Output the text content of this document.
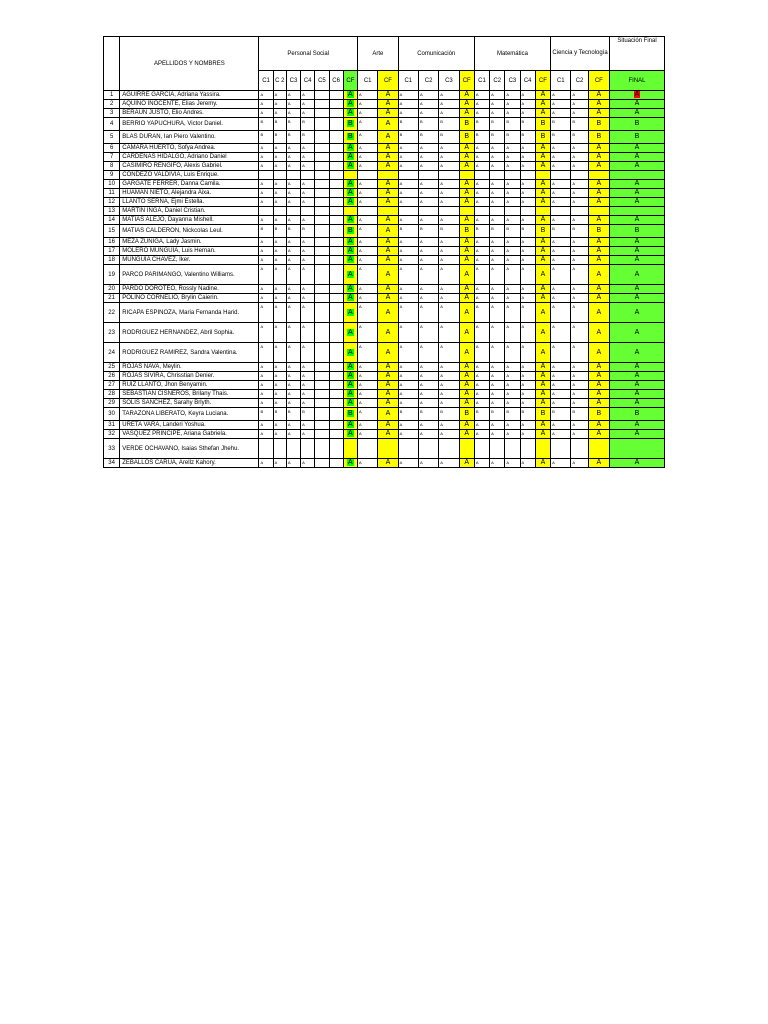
	APELLIDOS Y NOMBRES	Personal Social							Arte		Comunicación				Matemática					Ciencia y Tecnología			Situación Final
		C1	C 2	C3	C4	C5	C6	CF	C1	CF	C1	C2	C3	CF	C1	C2	C3	C4	CF	C1	C2	CF	FINAL
1	AGUIRRE GARCIA, Adriana Yassira.	A	A	A	A			A	A	A	A	A	A	A	A	A	A	A	A	A	A	A	A
2	AQUINO INOCENTE, Elias Jeremy.	A	A	A	A			A	A	A	A	A	A	A	A	A	A	A	A	A	A	A	A
3	BERAUN JUSTO, Elio Andres.	A	A	A	A			A	A	A	A	A	A	A	A	A	A	A	A	A	A	A	A
4	BERRIO YAPUCHURA, Victor Daniel.	B	B	B	B			B	A	A	B	B	B	B	B	B	B	B	B	B	B	B	B
5	BLAS DURAN, Ian Piero Valentino.	B	B	B	B			B	A	A	B	B	B	B	B	B	B	B	B	B	B	B	B
6	CAMARA HUERTO, Sofya Andrea.	A	A	A	A			A	A	A	A	A	A	A	A	A	A	A	A	A	A	A	A
7	CARDENAS HIDALGO, Adriano Daniel	A	A	A	A			A	A	A	A	A	A	A	A	A	A	A	A	A	A	A	A
8	CASIMIRO RENGIFO, Alexis Gabriel.	A	A	A	A			A	A	A	A	A	A	A	A	A	A	A	A	A	A	A	A
9	CONDEZO VALDIVIA, Luis Enrique.																						
10	GARGATE FERRER, Danna Camila.	A	A	A	A			A	A	A	A	A	A	A	A	A	A	A	A	A	A	A	A
11	HUAMAN NIETO, Alejandra Aixa.	A	A	A	A			A	A	A	A	A	A	A	A	A	A	A	A	A	A	A	A
12	LLANTO SERNA, Ejmi Estella.	A	A	A	A			A	A	A	A	A	A	A	A	A	A	A	A	A	A	A	A
13	MARTIN INGA, Daniel Cristian.																						
14	MATIAS ALEJO, Dayanna Mishell.	A	A	A	A			A	A	A	A	A	A	A	A	A	A	A	A	A	A	A	A
15	MATIAS CALDERON, Nickcolas Leul.	B	B	B	B			B	A	A	B	B	B	B	B	B	B	B	B	B	B	B	B
16	MEZA ZUÑIGA, Lady Jasmin.	A	A	A	A			A	A	A	A	A	A	A	A	A	A	A	A	A	A	A	A
17	MOLERO MUNGUIA, Luis Hernan.	A	A	A	A			A	A	A	A	A	A	A	A	A	A	A	A	A	A	A	A
18	MUNGUIA CHAVEZ, Iker.	A	A	A	A			A	A	A	A	A	A	A	A	A	A	A	A	A	A	A	A
19	PARCO PARIMANGO, Valentino Williams.	A	A	A	A			A	A	A	A	A	A	A	A	A	A	A	A	A	A	A	A
20	PARDO DOROTEO, Rossly Nadine.	A	A	A	A			A	A	A	A	A	A	A	A	A	A	A	A	A	A	A	A
21	POLINO CORNELIO, Brylin Caierin.	A	A	A	A			A	A	A	A	A	A	A	A	A	A	A	A	A	A	A	A
22	RICAPA ESPINOZA, Maria Fernanda Harid.	A	A	A	A			A	A	A	A	A	A	A	A	A	A	A	A	A	A	A	A
23	RODRIGUEZ HERNANDEZ, Abril Sophia.	A	A	A	A			A	A	A	A	A	A	A	A	A	A	A	A	A	A	A	A
24	RODRIGUEZ RAMIREZ, Sandra Valentina.	A	A	A	A			A	A	A	A	A	A	A	A	A	A	A	A	A	A	A	A
25	ROJAS NAVA, Meylin.	A	A	A	A			A	A	A	A	A	A	A	A	A	A	A	A	A	A	A	A
26	ROJAS SIVIRA, Chrisstian Denier.	A	A	A	A			A	A	A	A	A	A	A	A	A	A	A	A	A	A	A	A
27	RUIZ LLANTO, Jhon Benyamin.	A	A	A	A			A	A	A	A	A	A	A	A	A	A	A	A	A	A	A	A
28	SEBASTIAN CISNEROS, Brilany Thais.	A	A	A	A			A	A	A	A	A	A	A	A	A	A	A	A	A	A	A	A
29	SOLIS SANCHEZ, Sarahy Brlyth.	A	A	A	A			A	A	A	A	A	A	A	A	A	A	A	A	A	A	A	A
30	TARAZONA LIBERATO, Keyra Luciana.	B	B	B	B			B	A	A	B	B	B	B	B	B	B	B	B	B	B	B	B
31	URETA VARA, Landeri Yoshua.	A	A	A	A			A	A	A	A	A	A	A	A	A	A	A	A	A	A	A	A
32	VASQUEZ PRINCIPE, Ariana Gabriela.	A	A	A	A			A	A	A	A	A	A	A	A	A	A	A	A	A	A	A	A
33	VERDE OCHAVANO, Isaias Sthefan Jhehu.																						
34	ZEBALLOS CARUA, Arellz Kahory.	A	A	A	A			A	A	A	A	A	A	A	A	A	A	A	A	A	A	A	A
